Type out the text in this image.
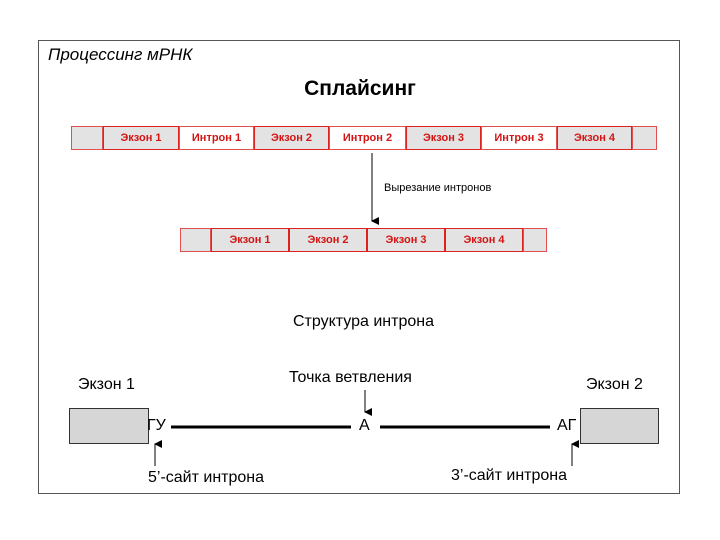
Процессинг мРНК
Сплайсинг
Экзон 1	Интрон 1	Экзон 2	Интрон 2	Экзон 3	Интрон 3	Экзон 4
Вырезание интронов
Экзон 1	Экзон 2	Экзон 3	Экзон 4
Структура интрона
Экзон 1	Экзон 2
Точка ветвления
ГУ	А	АГ
5’-сайт интрона	3’-сайт интрона
